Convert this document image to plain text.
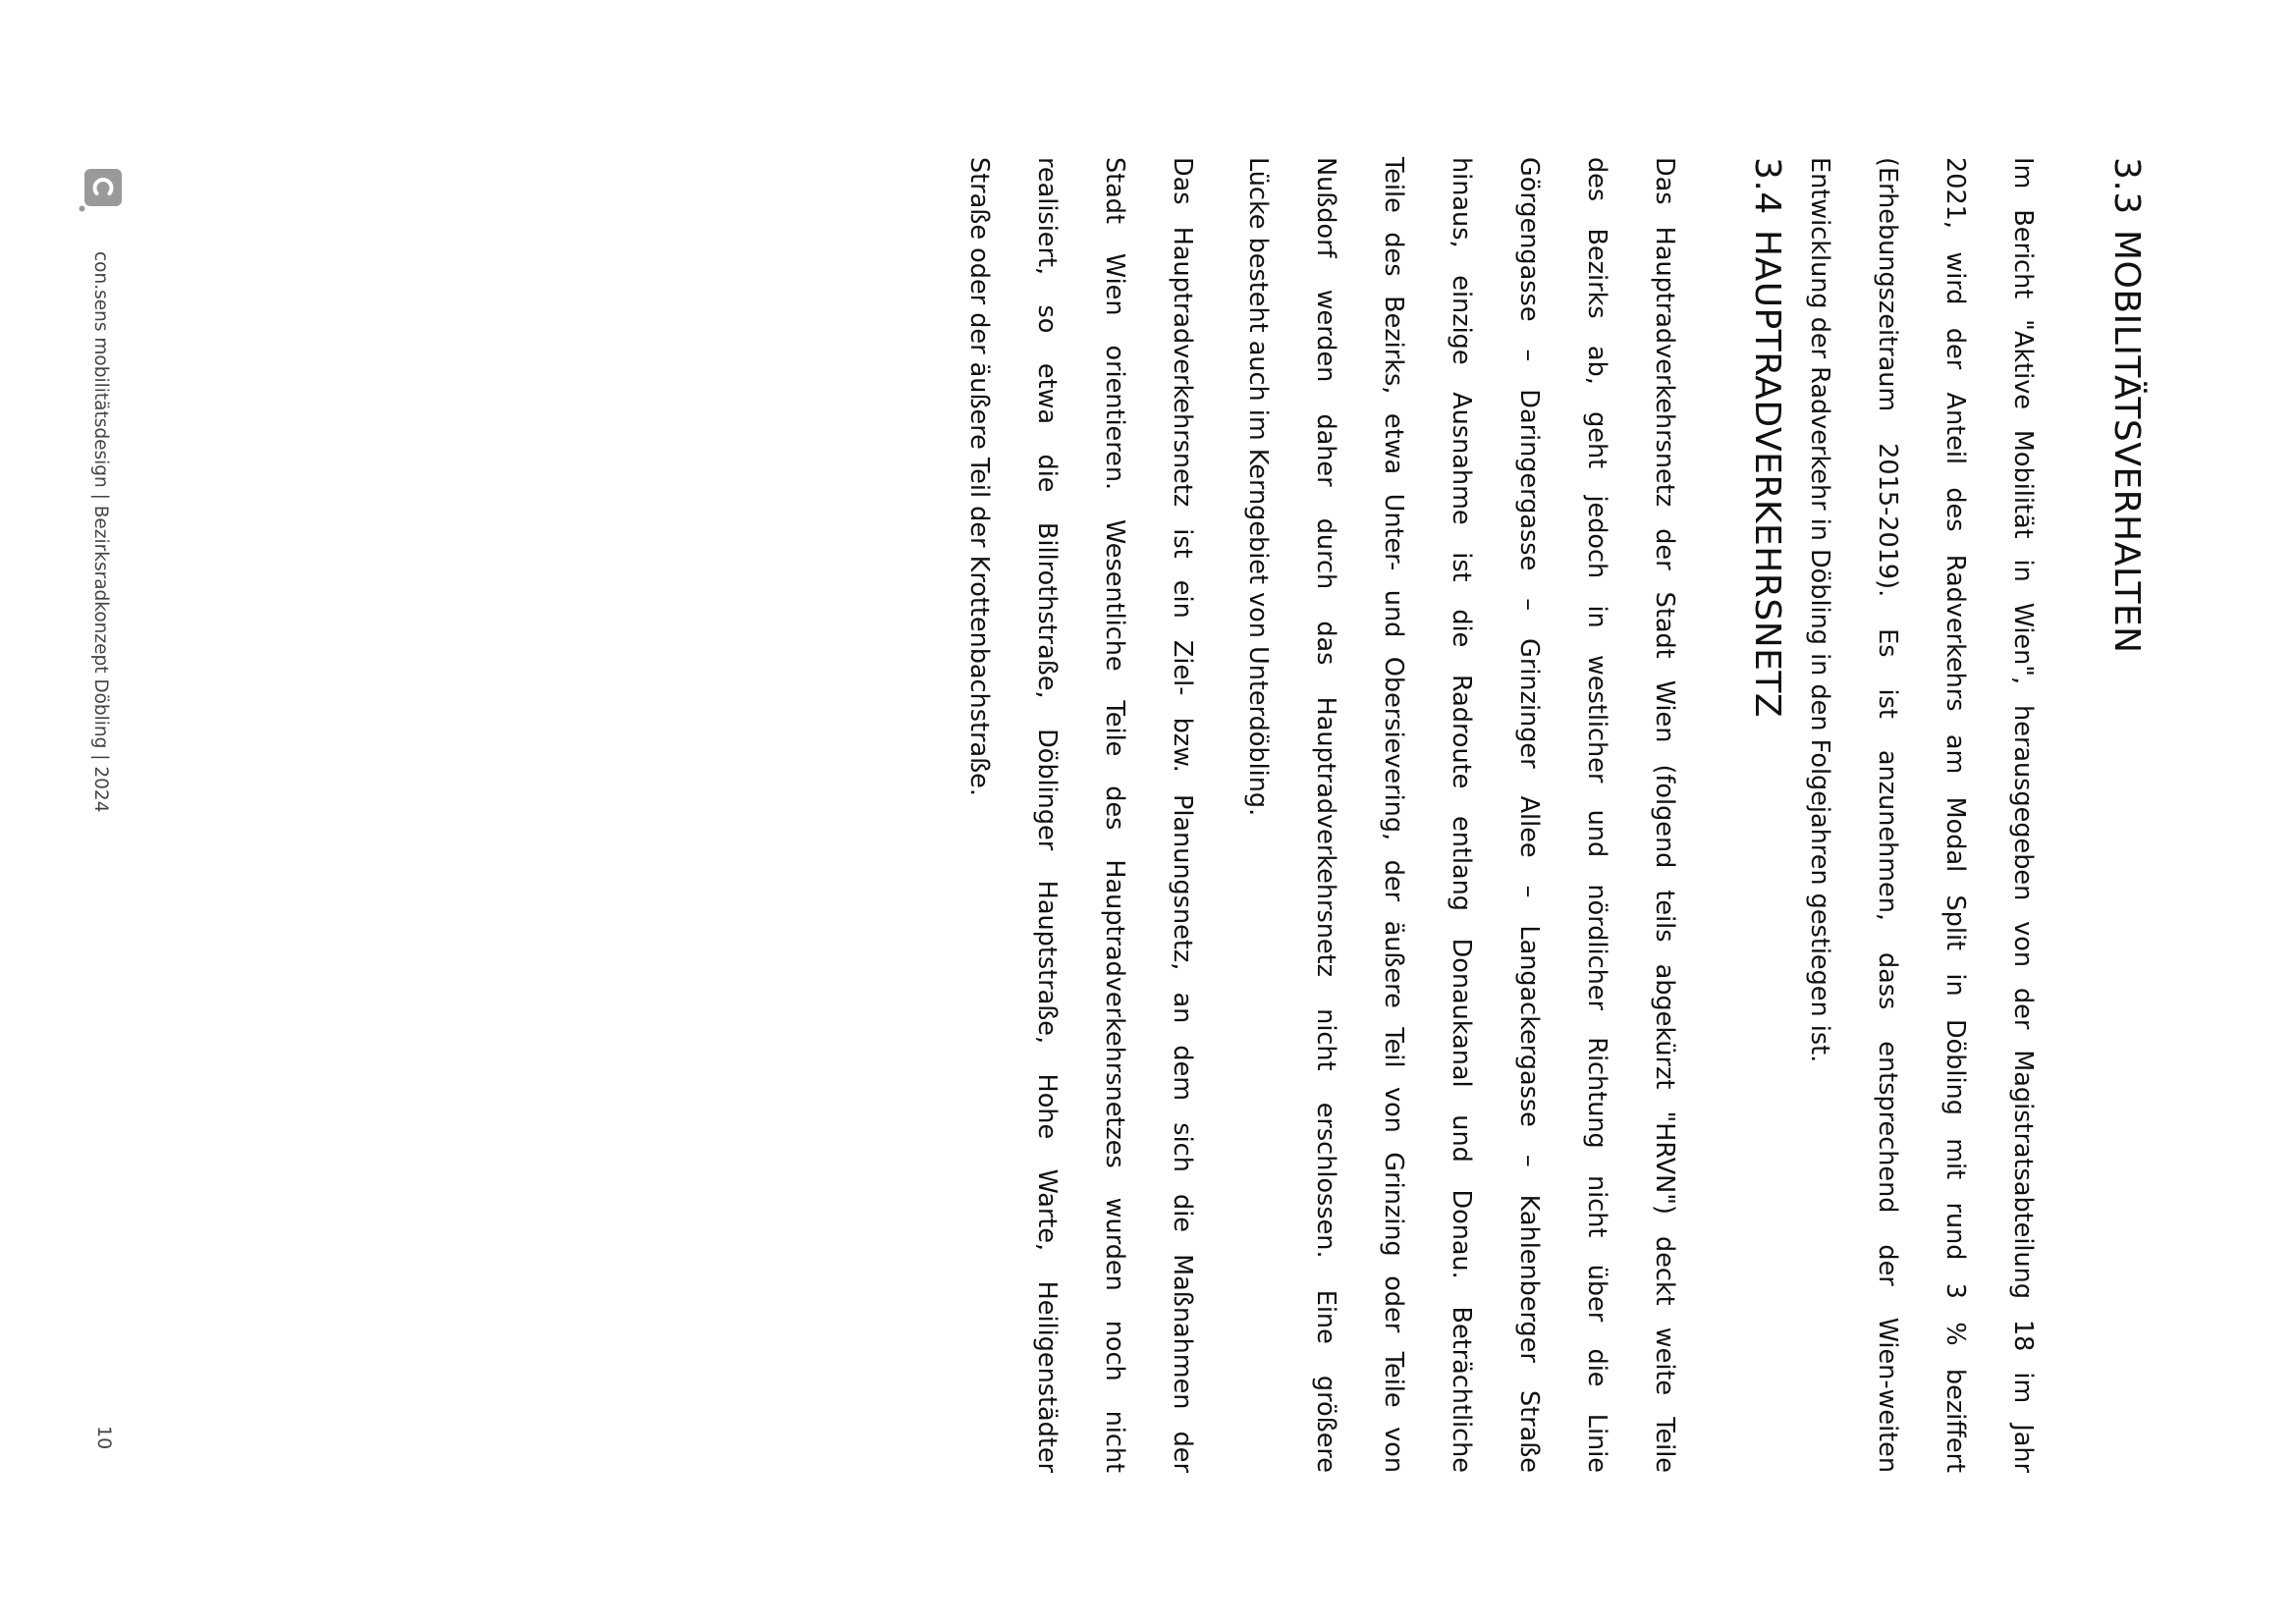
3.3MOBILITÄTSVERHALTEN
Im Bericht "Aktive Mobilität in Wien", herausgegeben von der Magistratsabteilung 18 im Jahr
2021, wird der Anteil des Radverkehrs am Modal Split in Döbling mit rund 3 % beziffert
(Erhebungszeitraum 2015-2019). Es ist anzunehmen, dass entsprechend der Wien-weiten
Entwicklung der Radverkehr in Döbling in den Folgejahren gestiegen ist.
3.4HAUPTRADVERKEHRSNETZ
Das Hauptradverkehrsnetz der Stadt Wien (folgend teils abgekürzt "HRVN") deckt weite Teile
des Bezirks ab, geht jedoch in westlicher und nördlicher Richtung nicht über die Linie
Görgengasse – Daringergasse – Grinzinger Allee – Langackergasse – Kahlenberger Straße
hinaus, einzige Ausnahme ist die Radroute entlang Donaukanal und Donau. Beträchtliche
Teile des Bezirks, etwa Unter- und Obersievering, der äußere Teil von Grinzing oder Teile von
Nußdorf werden daher durch das Hauptradverkehrsnetz nicht erschlossen. Eine größere
Lücke besteht auch im Kerngebiet von Unterdöbling.
Das Hauptradverkehrsnetz ist ein Ziel- bzw. Planungsnetz, an dem sich die Maßnahmen der
Stadt Wien orientieren. Wesentliche Teile des Hauptradverkehrsnetzes wurden noch nicht
realisiert, so etwa die Billrothstraße, Döblinger Hauptstraße, Hohe Warte, Heiligenstädter
Straße oder der äußere Teil der Krottenbachstraße.
con.sens mobilitätsdesign | Bezirksradkonzept Döbling | 2024
10
